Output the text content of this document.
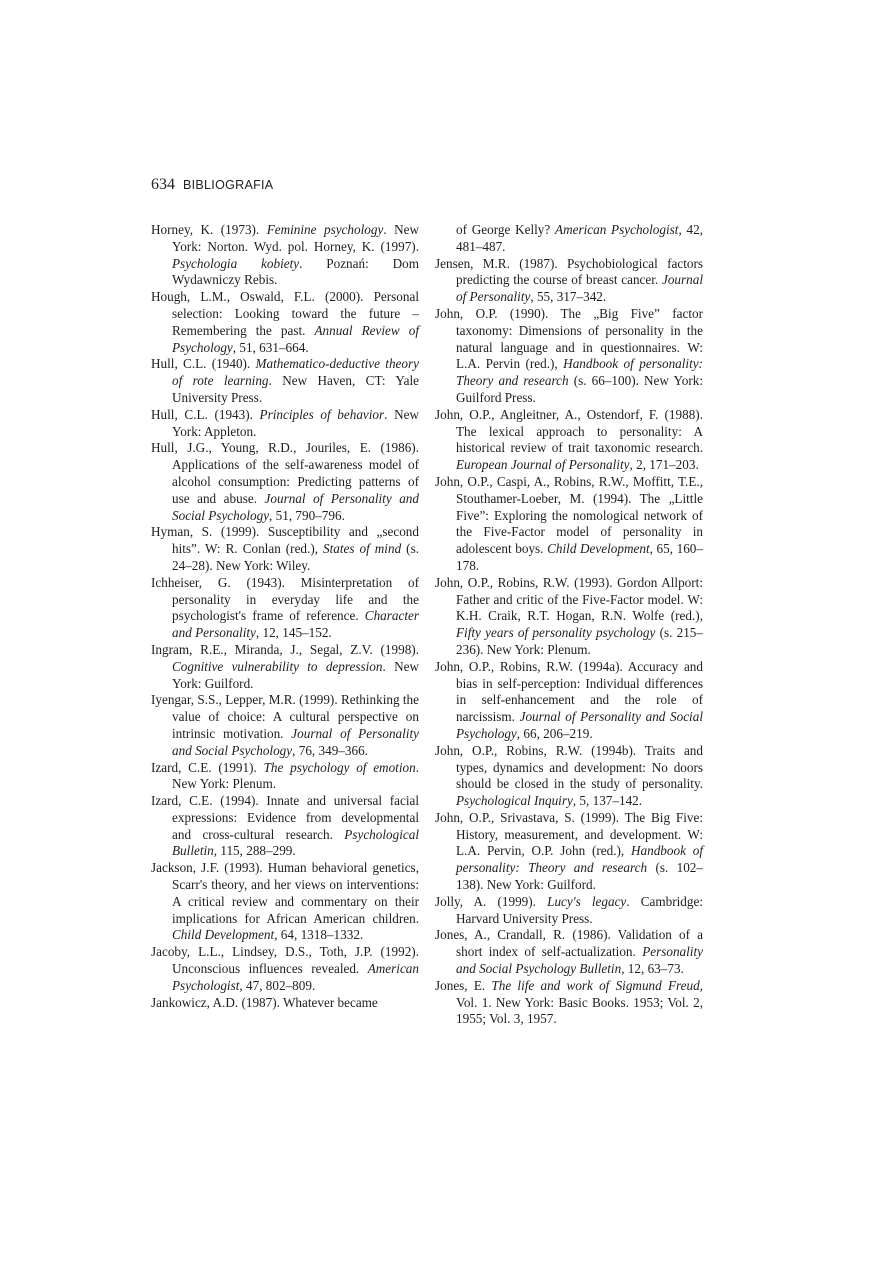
634 BIBLIOGRAFIA

Horney, K. (1973). Feminine psychology. New York: Norton. Wyd. pol. Horney, K. (1997). Psychologia kobiety. Poznań: Dom Wydawniczy Rebis.

Hough, L.M., Oswald, F.L. (2000). Personal selection: Looking toward the future – Remembering the past. Annual Review of Psychology, 51, 631–664.

Hull, C.L. (1940). Mathematico-deductive theory of rote learning. New Haven, CT: Yale University Press.

Hull, C.L. (1943). Principles of behavior. New York: Appleton.

Hull, J.G., Young, R.D., Jouriles, E. (1986). Applications of the self-awareness model of alcohol consumption: Predicting patterns of use and abuse. Journal of Personality and Social Psychology, 51, 790–796.

Hyman, S. (1999). Susceptibility and „second hits”. W: R. Conlan (red.), States of mind (s. 24–28). New York: Wiley.

Ichheiser, G. (1943). Misinterpretation of personality in everyday life and the psychologist's frame of reference. Character and Personality, 12, 145–152.

Ingram, R.E., Miranda, J., Segal, Z.V. (1998). Cognitive vulnerability to depression. New York: Guilford.

Iyengar, S.S., Lepper, M.R. (1999). Rethinking the value of choice: A cultural perspective on intrinsic motivation. Journal of Personality and Social Psychology, 76, 349–366.

Izard, C.E. (1991). The psychology of emotion. New York: Plenum.

Izard, C.E. (1994). Innate and universal facial expressions: Evidence from developmental and cross-cultural research. Psychological Bulletin, 115, 288–299.

Jackson, J.F. (1993). Human behavioral genetics, Scarr's theory, and her views on interventions: A critical review and commentary on their implications for African American children. Child Development, 64, 1318–1332.

Jacoby, L.L., Lindsey, D.S., Toth, J.P. (1992). Unconscious influences revealed. American Psychologist, 47, 802–809.

Jankowicz, A.D. (1987). Whatever became

of George Kelly? American Psychologist, 42, 481–487.

Jensen, M.R. (1987). Psychobiological factors predicting the course of breast cancer. Journal of Personality, 55, 317–342.

John, O.P. (1990). The „Big Five” factor taxonomy: Dimensions of personality in the natural language and in questionnaires. W: L.A. Pervin (red.), Handbook of personality: Theory and research (s. 66–100). New York: Guilford Press.

John, O.P., Angleitner, A., Ostendorf, F. (1988). The lexical approach to personality: A historical review of trait taxonomic research. European Journal of Personality, 2, 171–203.

John, O.P., Caspi, A., Robins, R.W., Moffitt, T.E., Stouthamer-Loeber, M. (1994). The „Little Five”: Exploring the nomological network of the Five-Factor model of personality in adolescent boys. Child Development, 65, 160–178.

John, O.P., Robins, R.W. (1993). Gordon Allport: Father and critic of the Five-Factor model. W: K.H. Craik, R.T. Hogan, R.N. Wolfe (red.), Fifty years of personality psychology (s. 215–236). New York: Plenum.

John, O.P., Robins, R.W. (1994a). Accuracy and bias in self-perception: Individual differences in self-enhancement and the role of narcissism. Journal of Personality and Social Psychology, 66, 206–219.

John, O.P., Robins, R.W. (1994b). Traits and types, dynamics and development: No doors should be closed in the study of personality. Psychological Inquiry, 5, 137–142.

John, O.P., Srivastava, S. (1999). The Big Five: History, measurement, and development. W: L.A. Pervin, O.P. John (red.), Handbook of personality: Theory and research (s. 102–138). New York: Guilford.

Jolly, A. (1999). Lucy's legacy. Cambridge: Harvard University Press.

Jones, A., Crandall, R. (1986). Validation of a short index of self-actualization. Personality and Social Psychology Bulletin, 12, 63–73.

Jones, E. The life and work of Sigmund Freud, Vol. 1. New York: Basic Books. 1953; Vol. 2, 1955; Vol. 3, 1957.
